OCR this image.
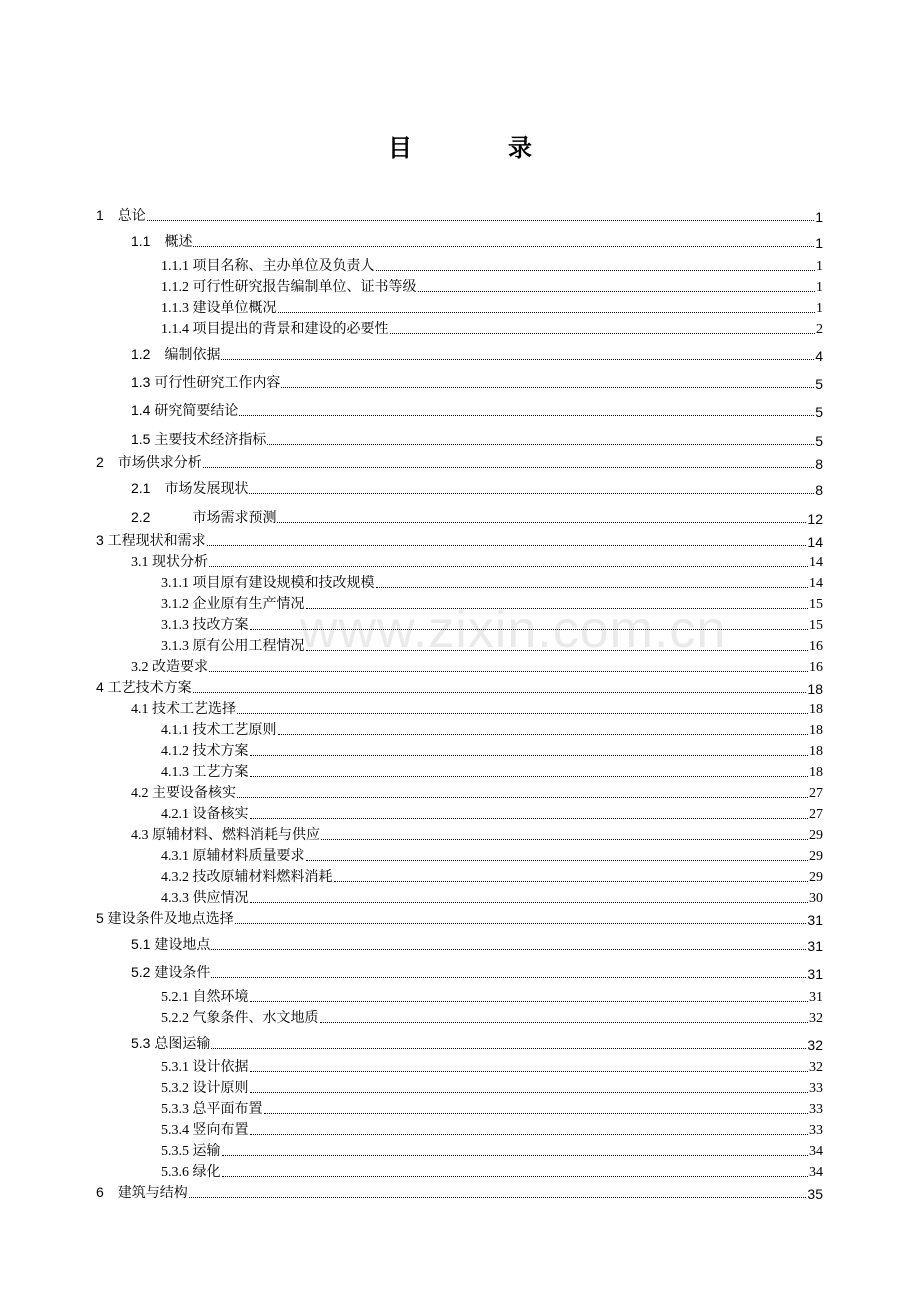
目　录
www.zixin.com.cn
1　总论	1
1.1　概述	1
1.1.1 项目名称、主办单位及负责人	1
1.1.2 可行性研究报告编制单位、证书等级	1
1.1.3 建设单位概况	1
1.1.4 项目提出的背景和建设的必要性	2
1.2　编制依据	4
1.3 可行性研究工作内容	5
1.4 研究简要结论	5
1.5 主要技术经济指标	5
2　市场供求分析	8
2.1　市场发展现状	8
2.2　　　市场需求预测	12
3 工程现状和需求	14
3.1 现状分析	14
3.1.1 项目原有建设规模和技改规模	14
3.1.2 企业原有生产情况	15
3.1.3 技改方案	15
3.1.3 原有公用工程情况	16
3.2 改造要求	16
4 工艺技术方案	18
4.1 技术工艺选择	18
4.1.1 技术工艺原则	18
4.1.2 技术方案	18
4.1.3 工艺方案	18
4.2 主要设备核实	27
4.2.1 设备核实	27
4.3 原辅材料、燃料消耗与供应	29
4.3.1 原辅材料质量要求	29
4.3.2 技改原辅材料燃料消耗	29
4.3.3 供应情况	30
5 建设条件及地点选择	31
5.1 建设地点	31
5.2 建设条件	31
5.2.1 自然环境	31
5.2.2 气象条件、水文地质	32
5.3 总图运输	32
5.3.1 设计依据	32
5.3.2 设计原则	33
5.3.3 总平面布置	33
5.3.4 竖向布置	33
5.3.5 运输	34
5.3.6 绿化	34
6　建筑与结构	35
